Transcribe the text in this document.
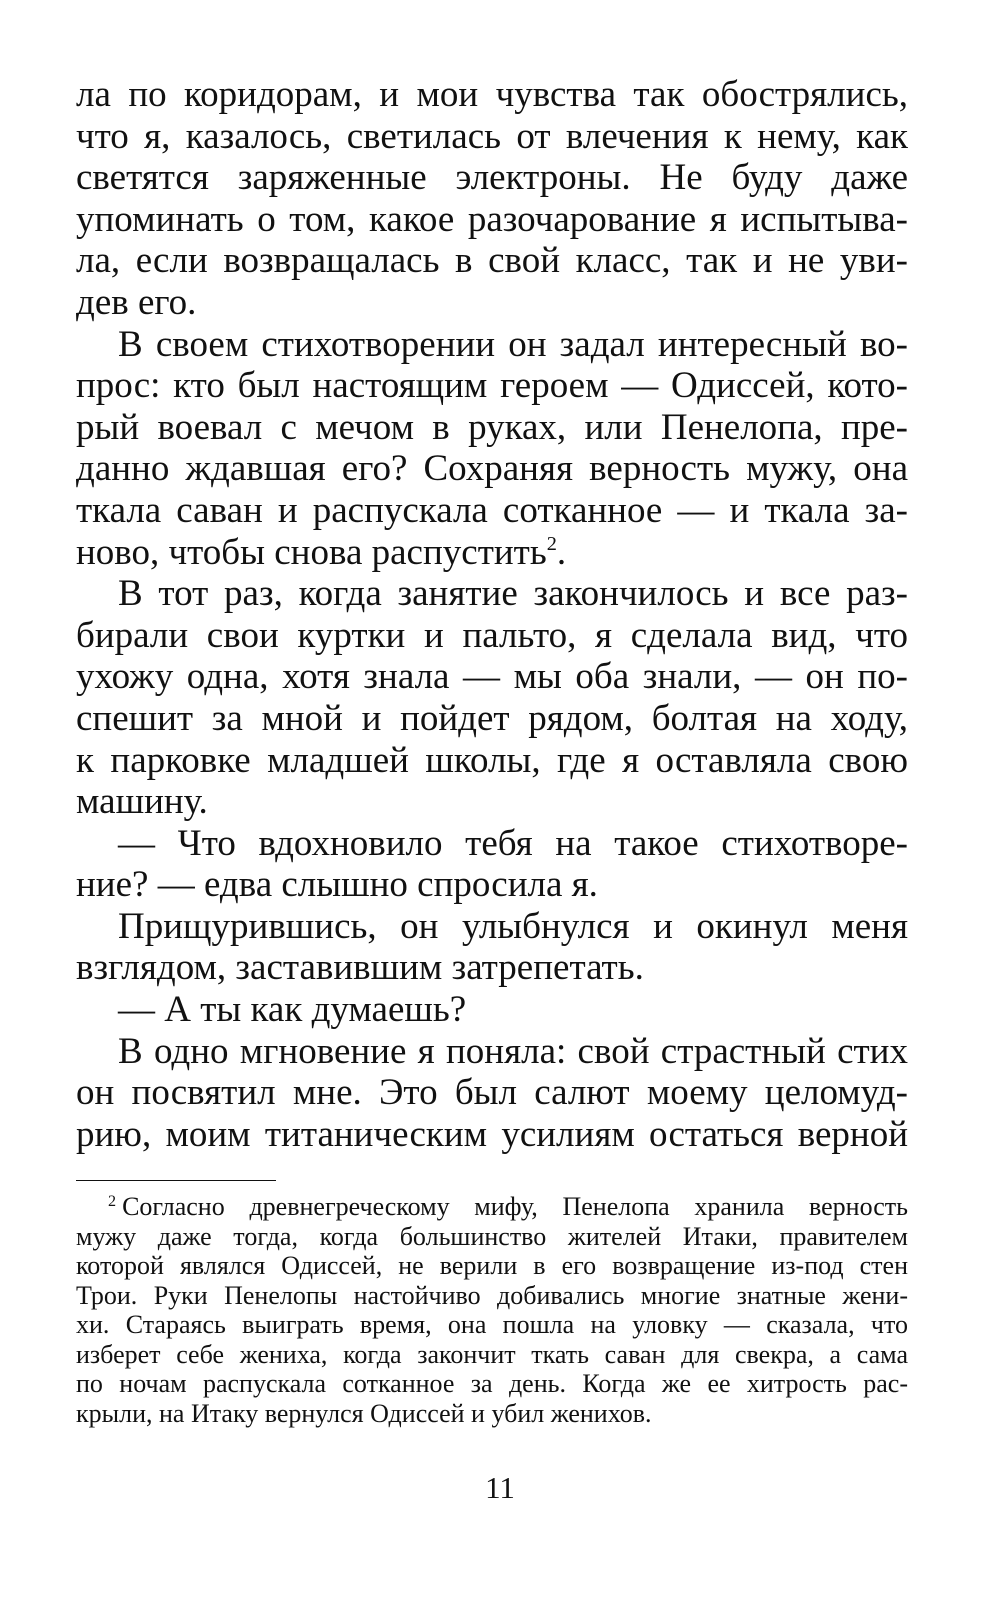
ла по коридорам, и мои чувства так обострялись,
что я, казалось, светилась от влечения к нему, как
светятся заряженные электроны. Не буду даже
упоминать о том, какое разочарование я испытыва-
ла, если возвращалась в свой класс, так и не уви-
дев его.
В своем стихотворении он задал интересный во-
прос: кто был настоящим героем — Одиссей, кото-
рый воевал с мечом в руках, или Пенелопа, пре-
данно ждавшая его? Сохраняя верность мужу, она
ткала саван и распускала сотканное — и ткала за-
ново, чтобы снова распустить$^2$.
В тот раз, когда занятие закончилось и все раз-
бирали свои куртки и пальто, я сделала вид, что
ухожу одна, хотя знала — мы оба знали, — он по-
спешит за мной и пойдет рядом, болтая на ходу,
к парковке младшей школы, где я оставляла свою
машину.
— Что вдохновило тебя на такое стихотворе-
ние? — едва слышно спросила я.
Прищурившись, он улыбнулся и окинул меня
взглядом, заставившим затрепетать.
— А ты как думаешь?
В одно мгновение я поняла: свой страстный стих
он посвятил мне. Это был салют моему целомуд-
рию, моим титаническим усилиям остаться верной
$^2$ Согласно древнегреческому мифу, Пенелопа хранила верность
мужу даже тогда, когда большинство жителей Итаки, правителем
которой являлся Одиссей, не верили в его возвращение из-под стен
Трои. Руки Пенелопы настойчиво добивались многие знатные жени-
хи. Стараясь выиграть время, она пошла на уловку — сказала, что
изберет себе жениха, когда закончит ткать саван для свекра, а сама
по ночам распускала сотканное за день. Когда же ее хитрость рас-
крыли, на Итаку вернулся Одиссей и убил женихов.
11
